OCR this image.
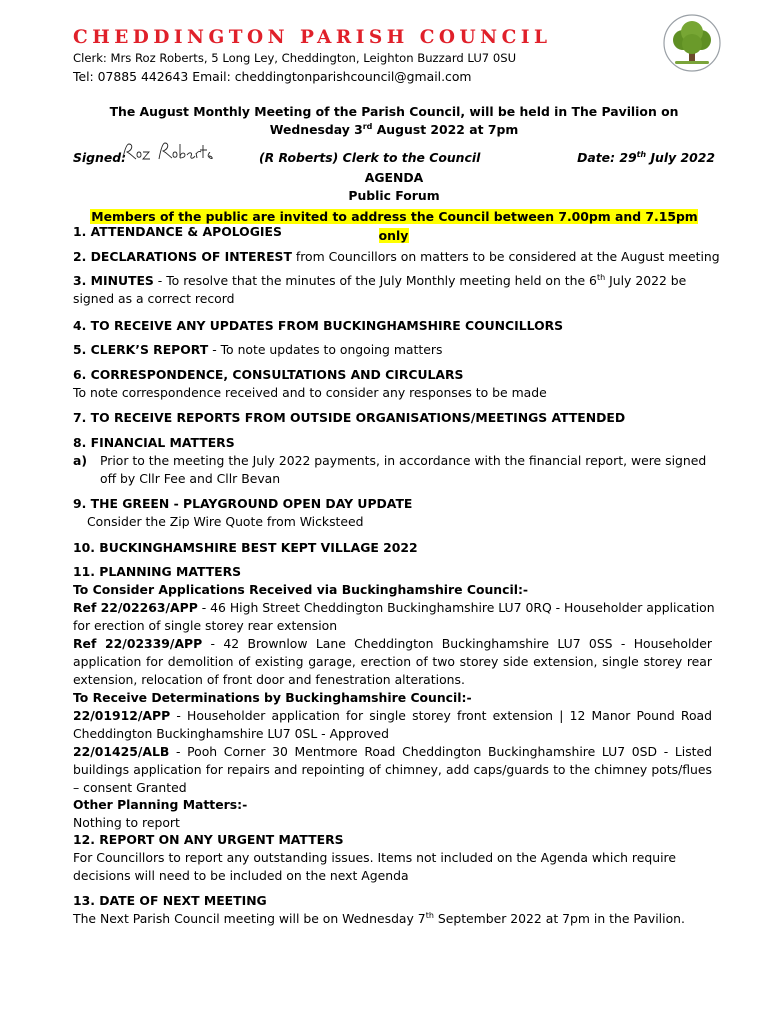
CHEDDINGTON PARISH COUNCIL
Clerk: Mrs Roz Roberts, 5 Long Ley, Cheddington, Leighton Buzzard LU7 0SU
Tel: 07885 442643 Email: cheddingtonparishcouncil@gmail.com
The August Monthly Meeting of the Parish Council, will be held in The Pavilion on
Wednesday 3rd August 2022 at 7pm
Signed:	(R Roberts) Clerk to the Council	Date: 29th July 2022
AGENDA
Public Forum
Members of the public are invited to address the Council between 7.00pm and 7.15pm only
1. ATTENDANCE & APOLOGIES
2. DECLARATIONS OF INTEREST from Councillors on matters to be considered at the August meeting
3. MINUTES - To resolve that the minutes of the July Monthly meeting held on the 6th July 2022 be
signed as a correct record
4. TO RECEIVE ANY UPDATES FROM BUCKINGHAMSHIRE COUNCILLORS
5. CLERK’S REPORT - To note updates to ongoing matters
6. CORRESPONDENCE, CONSULTATIONS AND CIRCULARS
To note correspondence received and to consider any responses to be made
7. TO RECEIVE REPORTS FROM OUTSIDE ORGANISATIONS/MEETINGS ATTENDED
8. FINANCIAL MATTERS
a) Prior to the meeting the July 2022 payments, in accordance with the financial report, were signed
off by Cllr Fee and Cllr Bevan
9. THE GREEN - PLAYGROUND OPEN DAY UPDATE
Consider the Zip Wire Quote from Wicksteed
10. BUCKINGHAMSHIRE BEST KEPT VILLAGE 2022
11. PLANNING MATTERS
To Consider Applications Received via Buckinghamshire Council:-
Ref 22/02263/APP - 46 High Street Cheddington Buckinghamshire LU7 0RQ - Householder application
for erection of single storey rear extension
Ref 22/02339/APP - 42 Brownlow Lane Cheddington Buckinghamshire LU7 0SS - Householder
application for demolition of existing garage, erection of two storey side extension, single storey rear
extension, relocation of front door and fenestration alterations.
To Receive Determinations by Buckinghamshire Council:-
22/01912/APP - Householder application for single storey front extension | 12 Manor Pound Road
Cheddington Buckinghamshire LU7 0SL - Approved
22/01425/ALB - Pooh Corner 30 Mentmore Road Cheddington Buckinghamshire LU7 0SD - Listed
buildings application for repairs and repointing of chimney, add caps/guards to the chimney pots/flues
– consent Granted
Other Planning Matters:-
Nothing to report
12. REPORT ON ANY URGENT MATTERS
For Councillors to report any outstanding issues. Items not included on the Agenda which require
decisions will need to be included on the next Agenda
13. DATE OF NEXT MEETING
The Next Parish Council meeting will be on Wednesday 7th September 2022 at 7pm in the Pavilion.
